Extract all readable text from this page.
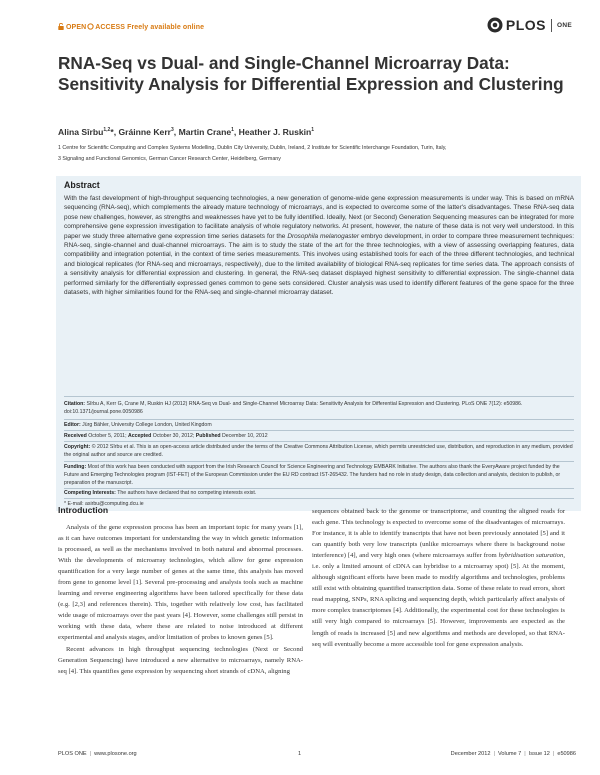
OPEN ACCESS Freely available online	PLOS ONE
RNA-Seq vs Dual- and Single-Channel Microarray Data: Sensitivity Analysis for Differential Expression and Clustering
Alina Sîrbu$^{1,2}$*, Gráinne Kerr$^3$, Martin Crane$^1$, Heather J. Ruskin$^1$
1 Centre for Scientific Computing and Complex Systems Modelling, Dublin City University, Dublin, Ireland, 2 Institute for Scientific Interchange Foundation, Turin, Italy,
3 Signaling and Functional Genomics, German Cancer Research Center, Heidelberg, Germany
Abstract
With the fast development of high-throughput sequencing technologies, a new generation of genome-wide gene expression measurements is under way. This is based on mRNA sequencing (RNA-seq), which complements the already mature technology of microarrays, and is expected to overcome some of the latter's disadvantages. These RNA-seq data pose new challenges, however, as strengths and weaknesses have yet to be fully identified. Ideally, Next (or Second) Generation Sequencing measures can be integrated for more comprehensive gene expression investigation to facilitate analysis of whole regulatory networks. At present, however, the nature of these data is not very well understood. In this paper we study three alternative gene expression time series datasets for the Drosophila melanogaster embryo development, in order to compare three measurement techniques: RNA-seq, single-channel and dual-channel microarrays. The aim is to study the state of the art for the three technologies, with a view of assessing overlapping features, data compatibility and integration potential, in the context of time series measurements. This involves using established tools for each of the three different technologies, and technical and biological replicates (for RNA-seq and microarrays, respectively), due to the limited availability of biological RNA-seq replicates for time series data. The approach consists of a sensitivity analysis for differential expression and clustering. In general, the RNA-seq dataset displayed highest sensitivity to differential expression. The single-channel data performed similarly for the differentially expressed genes common to gene sets considered. Cluster analysis was used to identify different features of the gene space for the three datasets, with higher similarities found for the RNA-seq and single-channel microarray dataset.
Citation: Sîrbu A, Kerr G, Crane M, Ruskin HJ (2012) RNA-Seq vs Dual- and Single-Channel Microarray Data: Sensitivity Analysis for Differential Expression and Clustering. PLoS ONE 7(12): e50986. doi:10.1371/journal.pone.0050986
Editor: Jürg Bähler, University College London, United Kingdom
Received October 5, 2011; Accepted October 30, 2012; Published December 10, 2012
Copyright: © 2012 Sîrbu et al. This is an open-access article distributed under the terms of the Creative Commons Attribution License, which permits unrestricted use, distribution, and reproduction in any medium, provided the original author and source are credited.
Funding: Most of this work has been conducted with support from the Irish Research Council for Science Engineering and Technology EMBARK Initiative. The authors also thank the EveryAware project funded by the Future and Emerging Technologies program (IST-FET) of the European Commission under the EU RD contract IST-265432. The funders had no role in study design, data collection and analysis, decision to publish, or preparation of the manuscript.
Competing Interests: The authors have declared that no competing interests exist.
* E-mail: asirbu@computing.dcu.ie
Introduction
Analysis of the gene expression process has been an important topic for many years [1], as it can have outcomes important for understanding the way in which genetic information is processed, as well as the mechanisms involved in both natural and abnormal processes. With the developments of microarray technologies, which allow for gene expression quantification for a very large number of genes at the same time, this analysis has moved from gene to genome level [1]. Several pre-processing and analysis tools such as machine learning and reverse engineering algorithms have been tailored specifically for these data (e.g. [2,3] and references therein). This, together with relatively low cost, has facilitated wide usage of microarrays over the past years [4]. However, some challenges still persist in working with these data, where these are related to noise introduced at different experimental and analysis stages, and/or limitation of probes to known genes [5].
Recent advances in high throughput sequencing technologies (Next or Second Generation Sequencing) have introduced a new alternative to microarrays, namely RNA-seq [4]. This quantifies gene expression by sequencing short strands of cDNA, aligning
sequences obtained back to the genome or transcriptome, and counting the aligned reads for each gene. This technology is expected to overcome some of the disadvantages of microarrays. For instance, it is able to identify transcripts that have not been previously annotated [5] and it can quantify both very low transcripts (unlike microarrays where there is background noise interference) [4], and very high ones (where microarrays suffer from hybridisation saturation, i.e. only a limited amount of cDNA can hybridise to a microarray spot) [5]. At the moment, although significant efforts have been made to modify algorithms and technologies, problems still exist with obtaining quantified transcription data. Some of these relate to read errors, short read mapping, SNPs, RNA splicing and sequencing depth, which particularly affect analysis of more complex transcriptomes [4]. Additionally, the experimental cost for these technologies is still very high compared to microarrays [5]. However, improvements are expected as the length of reads is increased [5] and new algorithms and methods are developed, so that RNA-seq will eventually become a more accessible tool for gene expression analysis.
PLOS ONE | www.plosone.org	1	December 2012 | Volume 7 | Issue 12 | e50986
